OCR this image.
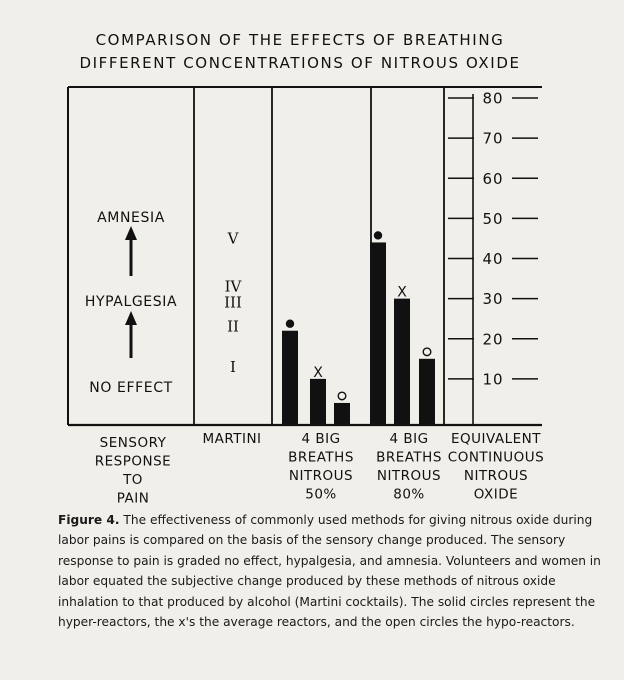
COMPARISON OF THE EFFECTS OF BREATHING
DIFFERENT CONCENTRATIONS OF NITROUS OXIDE
NO EFFECT
HYPALGESIA
AMNESIA
I
II
III
IV
V
X
X
10
20
30
40
50
60
70
80
SENSORY
RESPONSE
TO
PAIN
MARTINI	4 BIG
BREATHS
NITROUS
50%
4 BIG
BREATHS
NITROUS
80%
EQUIVALENT
CONTINUOUS
NITROUS
OXIDE

Figure 4. The effectiveness of commonly used methods for giving nitrous oxide during labor pains is compared on the basis of the sensory change produced. The sensory response to pain is graded no effect, hypalgesia, and amnesia. Volunteers and women in labor equated the subjective change produced by these methods of nitrous oxide inhalation to that produced by alcohol (Martini cocktails). The solid circles represent the hyper-reactors, the x's the average reactors, and the open circles the hypo-reactors.
